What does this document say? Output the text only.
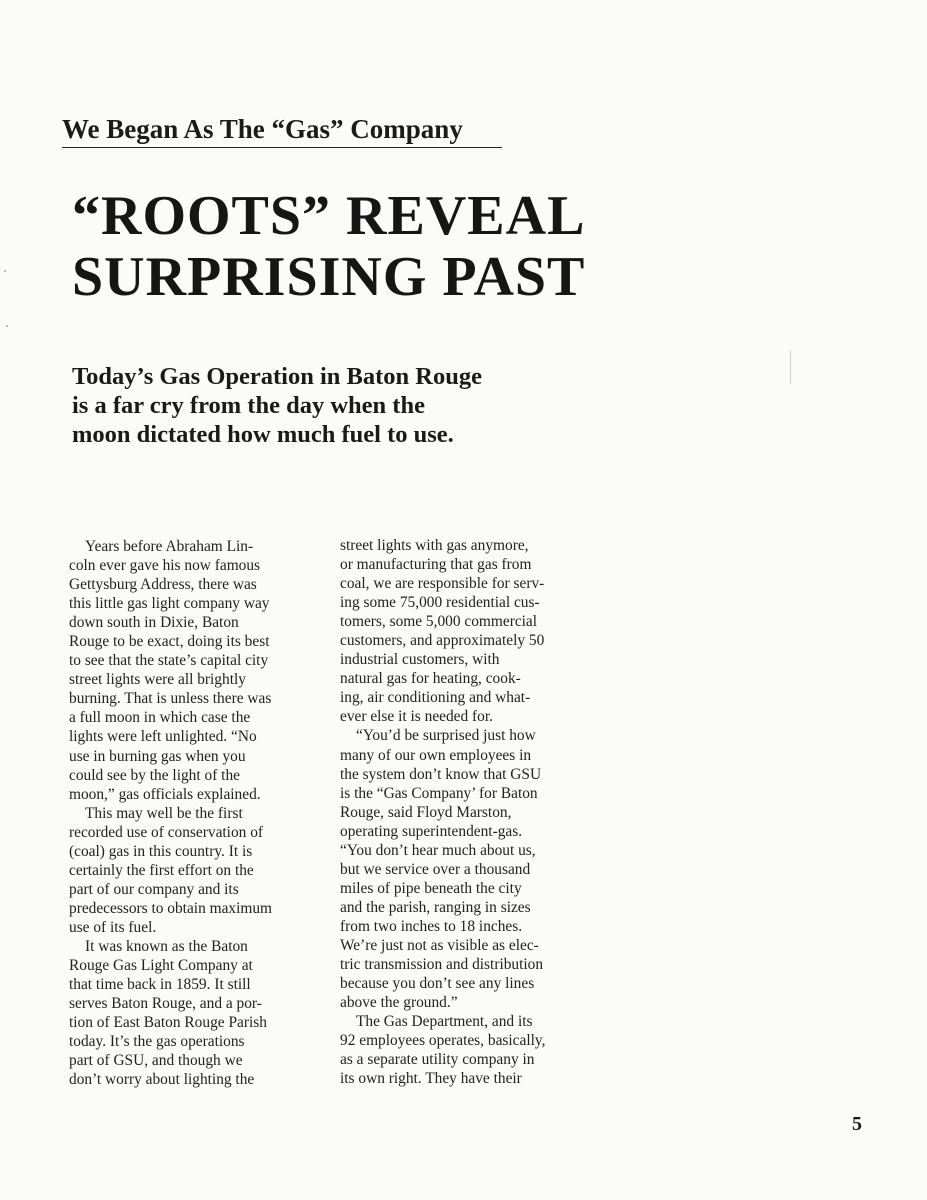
We Began As The “Gas” Company
“ROOTS” REVEAL
SURPRISING PAST
Today’s Gas Operation in Baton Rouge
is a far cry from the day when the
moon dictated how much fuel to use.
Years before Abraham Lin-
coln ever gave his now famous
Gettysburg Address, there was
this little gas light company way
down south in Dixie, Baton
Rouge to be exact, doing its best
to see that the state’s capital city
street lights were all brightly
burning. That is unless there was
a full moon in which case the
lights were left unlighted. “No
use in burning gas when you
could see by the light of the
moon,” gas officials explained.
This may well be the first
recorded use of conservation of
(coal) gas in this country. It is
certainly the first effort on the
part of our company and its
predecessors to obtain maximum
use of its fuel.
It was known as the Baton
Rouge Gas Light Company at
that time back in 1859. It still
serves Baton Rouge, and a por-
tion of East Baton Rouge Parish
today. It’s the gas operations
part of GSU, and though we
don’t worry about lighting the
street lights with gas anymore,
or manufacturing that gas from
coal, we are responsible for serv-
ing some 75,000 residential cus-
tomers, some 5,000 commercial
customers, and approximately 50
industrial customers, with
natural gas for heating, cook-
ing, air conditioning and what-
ever else it is needed for.
“You’d be surprised just how
many of our own employees in
the system don’t know that GSU
is the “Gas Company’ for Baton
Rouge, said Floyd Marston,
operating superintendent-gas.
“You don’t hear much about us,
but we service over a thousand
miles of pipe beneath the city
and the parish, ranging in sizes
from two inches to 18 inches.
We’re just not as visible as elec-
tric transmission and distribution
because you don’t see any lines
above the ground.”
The Gas Department, and its
92 employees operates, basically,
as a separate utility company in
its own right. They have their
5
